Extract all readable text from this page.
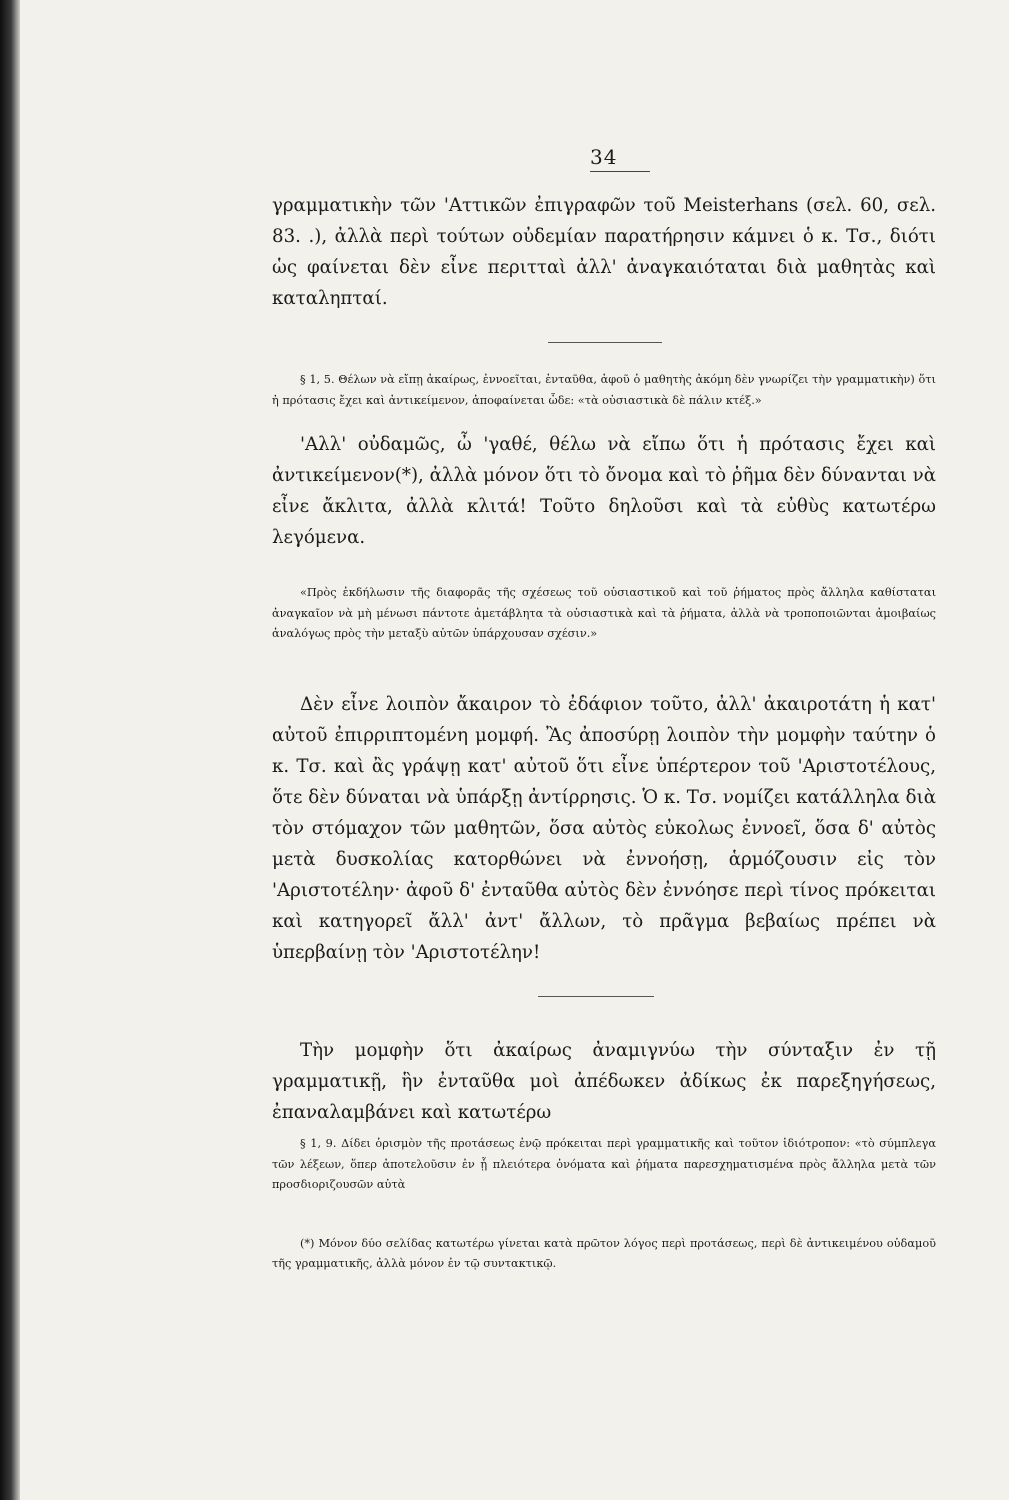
34

γραμματικὴν τῶν 'Αττικῶν ἐπιγραφῶν τοῦ Meisterhans (σελ. 60, σελ. 83. .), ἀλλὰ περὶ τούτων οὐδεμίαν παρατήρησιν κάμνει ὁ κ. Τσ., διότι ὡς φαίνεται δὲν εἶνε περιτταὶ ἀλλ' ἀναγκαιόταται διὰ μαθητὰς καὶ καταληπταί.

§ 1, 5. Θέλων νὰ εἴπῃ ἀκαίρως, ἐννοεῖται, ἐνταῦθα, ἀφοῦ ὁ μαθητὴς ἀκόμη δὲν γνωρίζει τὴν γραμματικὴν) ὅτι ἡ πρότασις ἔχει καὶ ἀντικείμενον, ἀποφαίνεται ὧδε: «τὰ οὐσιαστικὰ δὲ πάλιν κτέξ.»

'Αλλ' οὐδαμῶς, ὦ 'γαθέ, θέλω νὰ εἴπω ὅτι ἡ πρότασις ἔχει καὶ ἀντικείμενον(*), ἀλλὰ μόνον ὅτι τὸ ὄνομα καὶ τὸ ῥῆμα δὲν δύνανται νὰ εἶνε ἄκλιτα, ἀλλὰ κλιτά! Τοῦτο δηλοῦσι καὶ τὰ εὐθὺς κατωτέρω λεγόμενα.

«Πρὸς ἐκδήλωσιν τῆς διαφορᾶς τῆς σχέσεως τοῦ οὐσιαστικοῦ καὶ τοῦ ῥήματος πρὸς ἄλληλα καθίσταται ἀναγκαῖον νὰ μὴ μένωσι πάντοτε ἀμετάβλητα τὰ οὐσιαστικὰ καὶ τὰ ῥήματα, ἀλλὰ νὰ τροποποιῶνται ἀμοιβαίως ἀναλόγως πρὸς τὴν μεταξὺ αὐτῶν ὑπάρχουσαν σχέσιν.»

Δὲν εἶνε λοιπὸν ἄκαιρον τὸ ἐδάφιον τοῦτο, ἀλλ' ἀκαιροτάτη ἡ κατ' αὐτοῦ ἐπιρριπτομένη μομφή. Ἂς ἀποσύρῃ λοιπὸν τὴν μομφὴν ταύτην ὁ κ. Τσ. καὶ ἂς γράψῃ κατ' αὐτοῦ ὅτι εἶνε ὑπέρτερον τοῦ 'Αριστοτέλους, ὅτε δὲν δύναται νὰ ὑπάρξῃ ἀντίρρησις. Ὁ κ. Τσ. νομίζει κατάλληλα διὰ τὸν στόμαχον τῶν μαθητῶν, ὅσα αὐτὸς εὐκολως ἐννοεῖ, ὅσα δ' αὐτὸς μετὰ δυσκολίας κατορθώνει νὰ ἐννοήσῃ, ἁρμόζουσιν εἰς τὸν 'Αριστοτέλην· ἀφοῦ δ' ἐνταῦθα αὐτὸς δὲν ἐννόησε περὶ τίνος πρόκειται καὶ κατηγορεῖ ἄλλ' ἀντ' ἄλλων, τὸ πρᾶγμα βεβαίως πρέπει νὰ ὑπερβαίνῃ τὸν 'Αριστοτέλην!

Τὴν μομφὴν ὅτι ἀκαίρως ἀναμιγνύω τὴν σύνταξιν ἐν τῇ γραμματικῇ, ἣν ἐνταῦθα μοὶ ἀπέδωκεν ἀδίκως ἐκ παρεξηγήσεως, ἐπαναλαμβάνει καὶ κατωτέρω

§ 1, 9. Δίδει ὁρισμὸν τῆς προτάσεως ἐνῷ πρόκειται περὶ γραμματικῆς καὶ τοῦτον ἰδιότροπον: «τὸ σύμπλεγα τῶν λέξεων, ὅπερ ἀποτελοῦσιν ἐν ᾗ πλειότερα ὀνόματα καὶ ῥήματα παρεσχηματισμένα πρὸς ἄλληλα μετὰ τῶν προσδιοριζουσῶν αὐτὰ

(*) Μόνον δύο σελίδας κατωτέρω γίνεται κατὰ πρῶτον λόγος περὶ προτάσεως, περὶ δὲ ἀντικειμένου οὐδαμοῦ τῆς γραμματικῆς, ἀλλὰ μόνον ἐν τῷ συντακτικῷ.
